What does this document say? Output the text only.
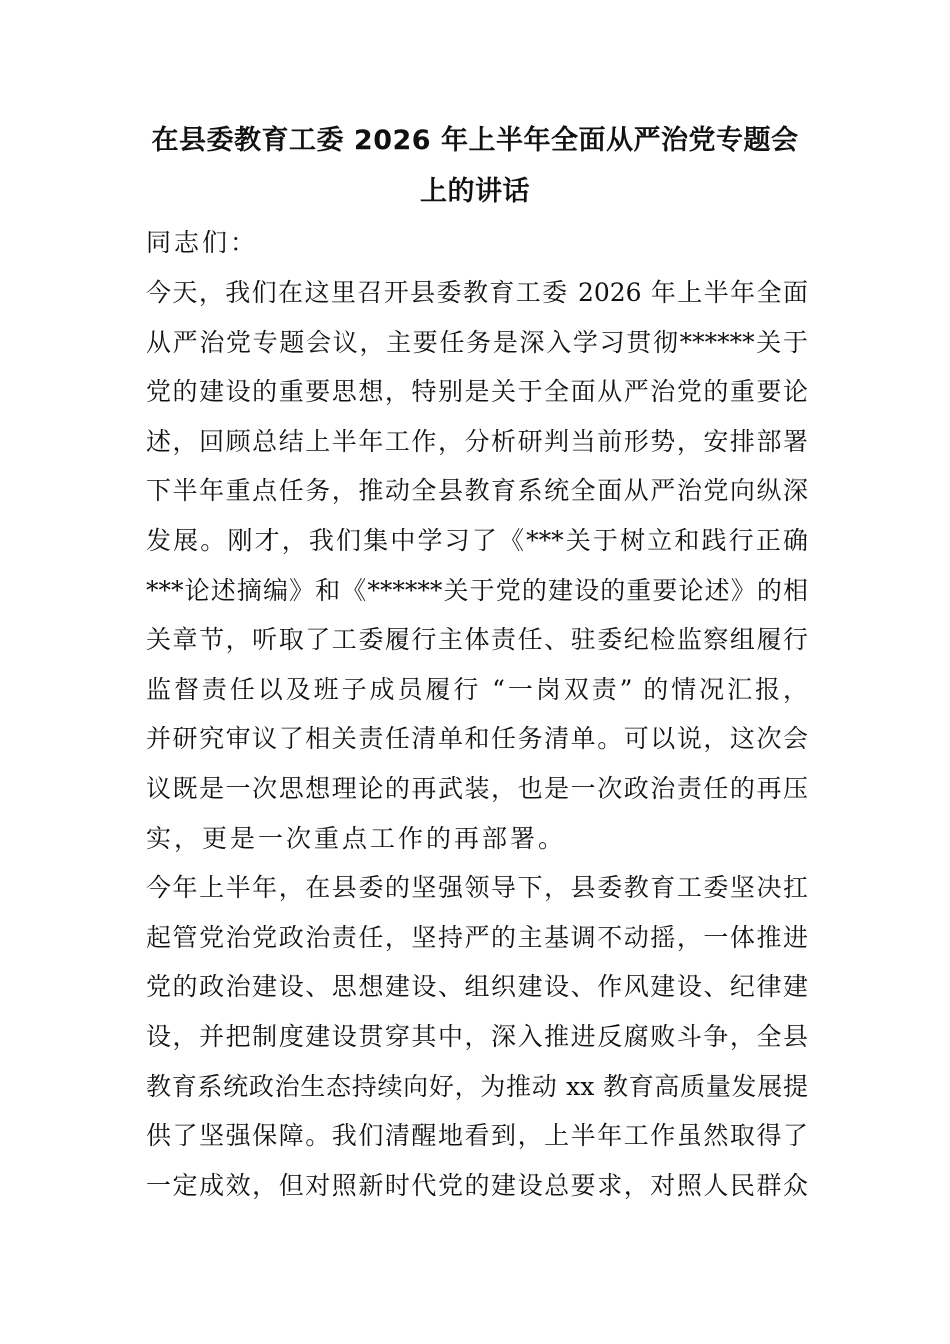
在县委教育工委 2026 年上半年全面从严治党专题会
上的讲话
同志们：
今天，我们在这里召开县委教育工委 2026 年上半年全面
从严治党专题会议，主要任务是深入学习贯彻******关于
党的建设的重要思想，特别是关于全面从严治党的重要论
述，回顾总结上半年工作，分析研判当前形势，安排部署
下半年重点任务，推动全县教育系统全面从严治党向纵深
发展。刚才，我们集中学习了《***关于树立和践行正确
***论述摘编》和《******关于党的建设的重要论述》的相
关章节，听取了工委履行主体责任、驻委纪检监察组履行
监督责任以及班子成员履行 “一岗双责” 的情况汇报，
并研究审议了相关责任清单和任务清单。可以说，这次会
议既是一次思想理论的再武装，也是一次政治责任的再压
实，更是一次重点工作的再部署。
今年上半年，在县委的坚强领导下，县委教育工委坚决扛
起管党治党政治责任，坚持严的主基调不动摇，一体推进
党的政治建设、思想建设、组织建设、作风建设、纪律建
设，并把制度建设贯穿其中，深入推进反腐败斗争，全县
教育系统政治生态持续向好，为推动 xx 教育高质量发展提
供了坚强保障。我们清醒地看到，上半年工作虽然取得了
一定成效，但对照新时代党的建设总要求，对照人民群众
